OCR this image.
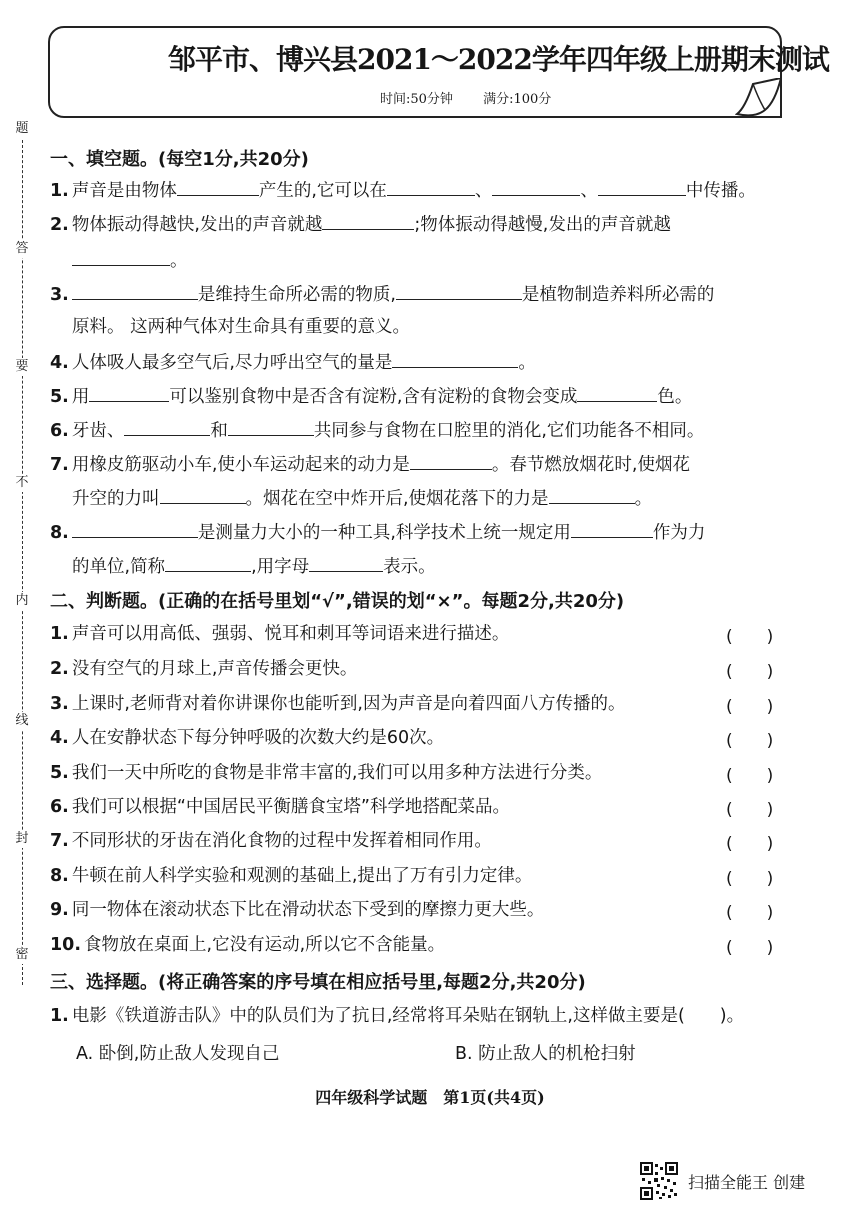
邹平市、博兴县2021～2022学年四年级上册期末测试
时间:50分钟 满分:100分
题
答
要
不
内
线
封
密
一、填空题。(每空1分,共20分)
1. 声音是由物体	产生的,它可以在	、	、	中传播。
2. 物体振动得越快,发出的声音就越	;物体振动得越慢,发出的声音就越
。
3.	是维持生命所必需的物质,	是植物制造养料所必需的
原料。 这两种气体对生命具有重要的意义。
4. 人体吸人最多空气后,尽力呼出空气的量是	。
5. 用	可以鉴别食物中是否含有淀粉,含有淀粉的食物会变成	色。
6. 牙齿、	和	共同参与食物在口腔里的消化,它们功能各不相同。
7. 用橡皮筋驱动小车,使小车运动起来的动力是	。春节燃放烟花时,使烟花
升空的力叫	。烟花在空中炸开后,使烟花落下的力是	。
8.	是测量力大小的一种工具,科学技术上统一规定用	作为力
的单位,简称	,用字母	表示。
二、判断题。(正确的在括号里划“√”,错误的划“×”。每题2分,共20分)
1. 声音可以用高低、强弱、悦耳和刺耳等词语来进行描述。	(　　)
2. 没有空气的月球上,声音传播会更快。	(　　)
3. 上课时,老师背对着你讲课你也能听到,因为声音是向着四面八方传播的。	(　　)
4. 人在安静状态下每分钟呼吸的次数大约是60次。	(　　)
5. 我们一天中所吃的食物是非常丰富的,我们可以用多种方法进行分类。	(　　)
6. 我们可以根据“中国居民平衡膳食宝塔”科学地搭配菜品。	(　　)
7. 不同形状的牙齿在消化食物的过程中发挥着相同作用。	(　　)
8. 牛顿在前人科学实验和观测的基础上,提出了万有引力定律。	(　　)
9. 同一物体在滚动状态下比在滑动状态下受到的摩擦力更大些。	(　　)
10. 食物放在桌面上,它没有运动,所以它不含能量。	(　　)
三、选择题。(将正确答案的序号填在相应括号里,每题2分,共20分)
1. 电影《铁道游击队》中的队员们为了抗日,经常将耳朵贴在钢轨上,这样做主要是(　　)。
A. 卧倒,防止敌人发现自己	B. 防止敌人的机枪扫射
四年级科学试题　第1页(共4页)
扫描全能王 创建
